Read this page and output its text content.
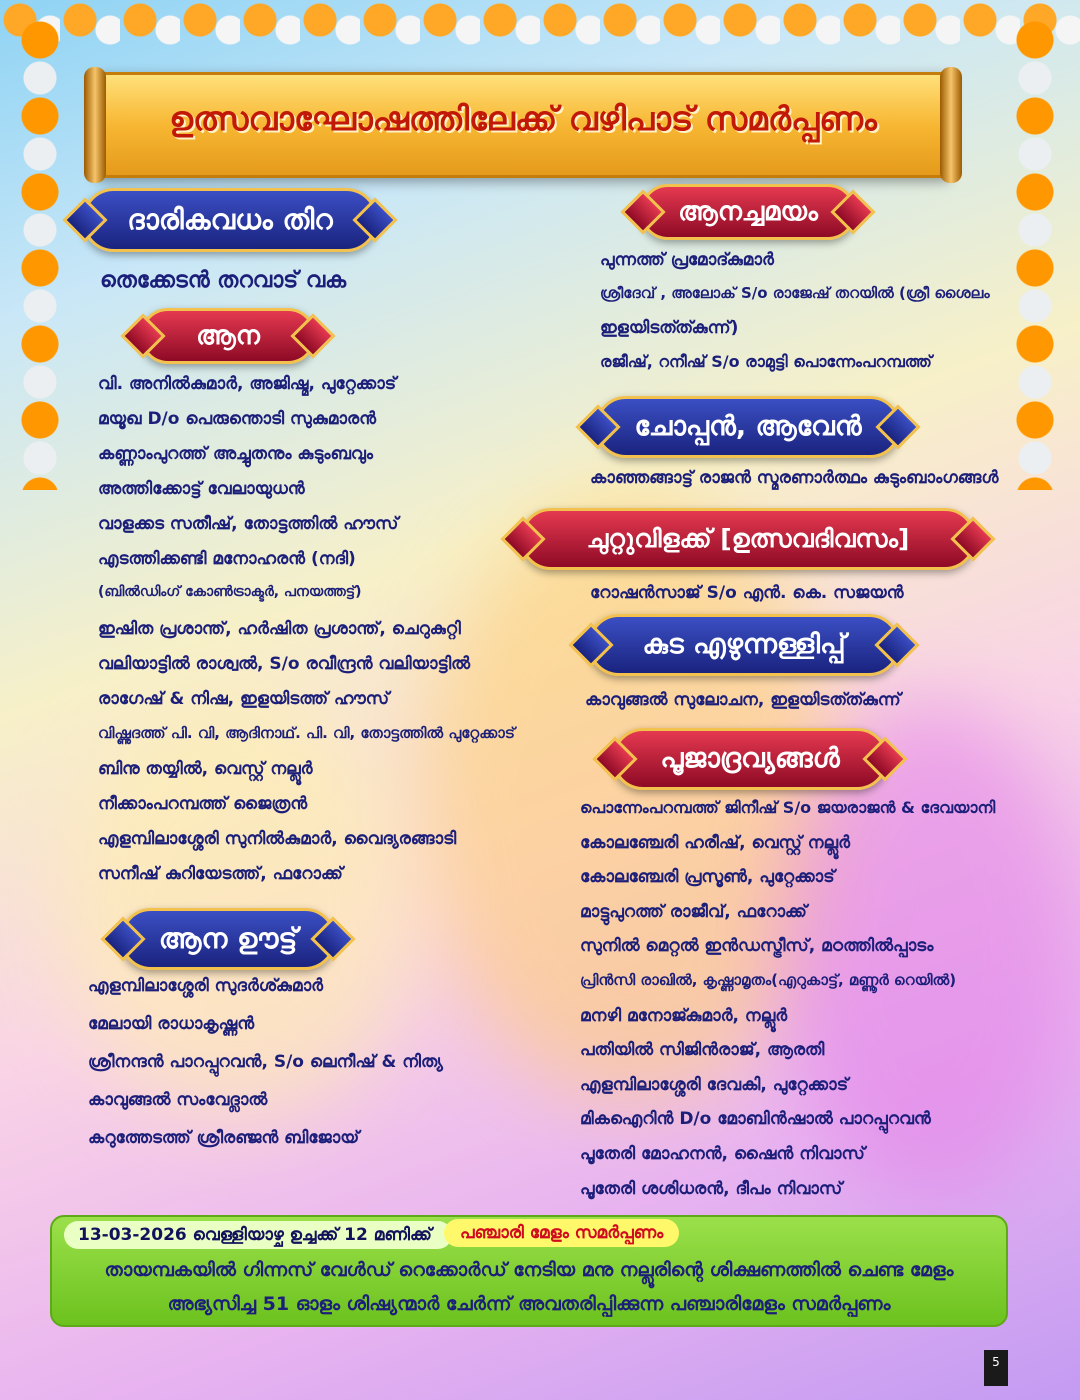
ഉത്സവാഘോഷത്തിലേക്ക് വഴിപാട് സമർപ്പണം
ദാരികവധം തിറ
തെക്കേടൻ തറവാട് വക
ആന
വി. അനിൽകുമാർ, അജിഷ്മ, പുറ്റേക്കാട്
മയൂഖ D/o പെരുന്തൊടി സുകുമാരൻ
കണ്ണാംപുറത്ത് അച്ചുതനും കുടുംബവും
അത്തിക്കോട്ട് വേലായുധൻ
വാളക്കട സതീഷ്, തോട്ടത്തിൽ ഹൗസ്
എടത്തിക്കണ്ടി മനോഹരൻ (നദി)
(ബിൽഡിംഗ് കോൺട്രാക്ടർ, പനയത്തട്ട്)
ഇഷിത പ്രശാന്ത്, ഹർഷിത പ്രശാന്ത്, ചെറുകുറ്റി
വലിയാട്ടിൽ രാശ്വൽ, S/o രവീന്ദ്രൻ വലിയാട്ടിൽ
രാഗേഷ് & നിഷ, ഇളയിടത്ത് ഹൗസ്
വിഷ്ണുദത്ത് പി. വി, ആദിനാഥ്. പി. വി, തോട്ടത്തിൽ പുറ്റേക്കാട്
ബിനു തയ്യിൽ, വെസ്റ്റ് നല്ലൂർ
നീക്കാംപറമ്പത്ത് ജൈത്രൻ
എളമ്പിലാശ്ശേരി സുനിൽകുമാർ, വൈദ്യരങ്ങാടി
സനീഷ് കുറിയേടത്ത്, ഫറോക്ക്
ആന ഊട്ട്
എളമ്പിലാശ്ശേരി സുദർശ്കുമാർ
മേലായി രാധാകൃഷ്ണൻ
ശ്രീനന്ദൻ പാറപ്പുറവൻ, S/o ലെനീഷ് & നിത്യ
കാവുങ്ങൽ സംവേദ്ലാൽ
കറുത്തേടത്ത് ശ്രീരഞ്ജൻ ബിജോയ്
ആനച്ചമയം
പുന്നത്ത് പ്രമോദ്കുമാർ
ശ്രീദേവ് , അലോക് S/o രാജേഷ് തറയിൽ (ശ്രീ ശൈലം
ഇളയിടത്ത്കുന്ന്)
രജീഷ്, റനീഷ് S/o രാമുട്ടി പൊന്നേംപറമ്പത്ത്
ചോപ്പൻ, ആവേൻ
കാഞ്ഞങ്ങാട്ട് രാജൻ സ്മരണാർത്ഥം കുടുംബാംഗങ്ങൾ
ചുറ്റുവിളക്ക് [ഉത്സവദിവസം]
റോഷൻസാജ് S/o എൻ. കെ. സജയൻ
കുട എഴുന്നള്ളിപ്പ്
കാവുങ്ങൽ സുലോചന, ഇളയിടത്ത്കുന്ന്
പൂജാദ്രവ്യങ്ങൾ
പൊന്നേംപറമ്പത്ത് ജിനീഷ് S/o ജയരാജൻ & ദേവയാനി
കോലഞ്ചേരി ഹരീഷ്, വെസ്റ്റ് നല്ലൂർ
കോലഞ്ചേരി പ്രസൂൺ, പുറ്റേക്കാട്
മാട്ടുപുറത്ത് രാജീവ്, ഫറോക്ക്
സുനിൽ മെറ്റൽ ഇൻഡസ്ട്രീസ്, മഠത്തിൽപ്പാടം
പ്രിൻസി രാഖിൽ, കൃഷ്ണാമൃതം(എറുകാട്ട്, മണ്ണൂർ റെയിൽ)
മനഴി മനോജ്കുമാർ, നല്ലൂർ
പതിയിൽ സിജിൻരാജ്, ആരതി
എളമ്പിലാശ്ശേരി ദേവകി, പുറ്റേക്കാട്
മികഐറിൻ D/o മോബിൻഷാൽ പാറപ്പുറവൻ
പൂതേരി മോഹനൻ, ഷൈൻ നിവാസ്
പൂതേരി ശശിധരൻ, ദീപം നിവാസ്
13-03-2026 വെള്ളിയാഴ്ച ഉച്ചക്ക് 12 മണിക്ക്	പഞ്ചാരി മേളം സമർപ്പണം
തായമ്പകയിൽ ഗിന്നസ് വേൾഡ് റെക്കോർഡ് നേടിയ മനു നല്ലൂരിന്റെ ശിക്ഷണത്തിൽ ചെണ്ട മേളം
അഭ്യസിച്ച 51 ഓളം ശിഷ്യന്മാർ ചേർന്ന് അവതരിപ്പിക്കുന്ന പഞ്ചാരിമേളം സമർപ്പണം
5
